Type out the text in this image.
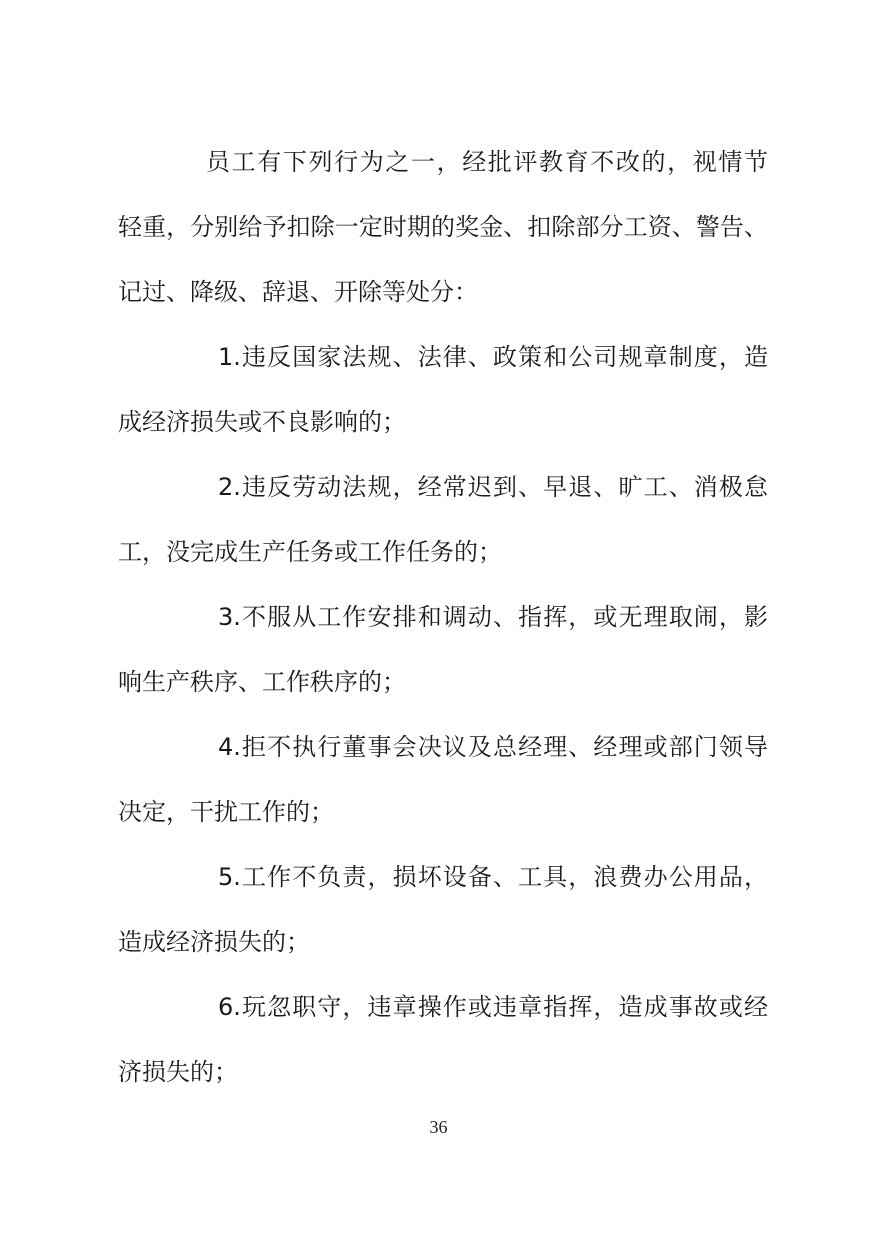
员工有下列行为之一，经批评教育不改的，视情节
轻重，分别给予扣除一定时期的奖金、扣除部分工资、警告、
记过、降级、辞退、开除等处分：
1.违反国家法规、法律、政策和公司规章制度，造
成经济损失或不良影响的；
2.违反劳动法规，经常迟到、早退、旷工、消极怠
工，没完成生产任务或工作任务的；
3.不服从工作安排和调动、指挥，或无理取闹，影
响生产秩序、工作秩序的；
4.拒不执行董事会决议及总经理、经理或部门领导
决定，干扰工作的；
5.工作不负责，损坏设备、工具，浪费办公用品，
造成经济损失的；
6.玩忽职守，违章操作或违章指挥，造成事故或经
济损失的；
36
